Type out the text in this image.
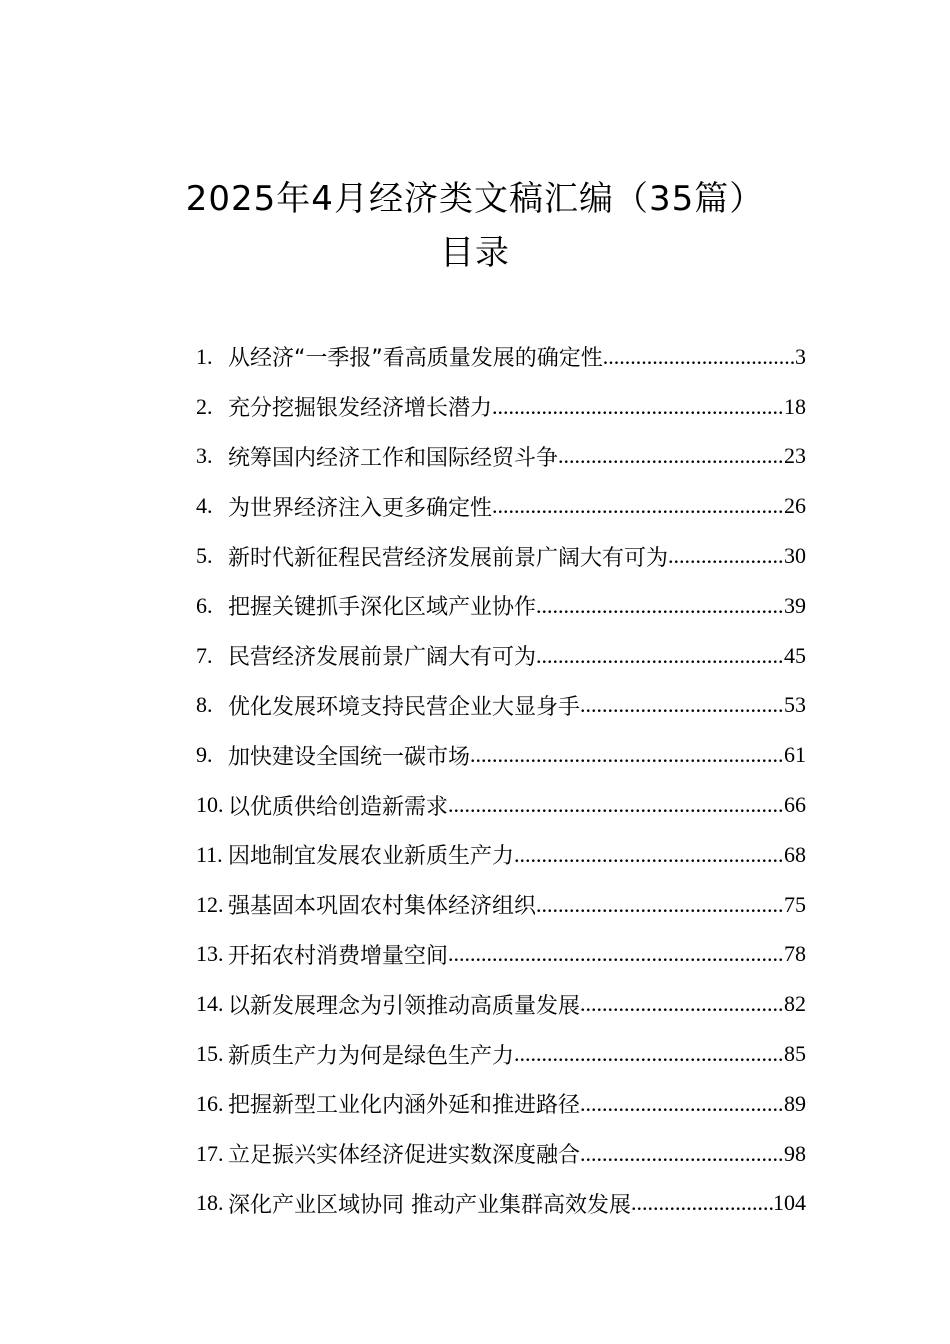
2025年4月经济类文稿汇编（35篇）
目录
1. 从经济“一季报”看高质量发展的确定性 .....	3
2. 充分挖掘银发经济增长潜力 .....	18
3. 统筹国内经济工作和国际经贸斗争 .....	23
4. 为世界经济注入更多确定性 .....	26
5. 新时代新征程民营经济发展前景广阔大有可为 .....	30
6. 把握关键抓手深化区域产业协作 .....	39
7. 民营经济发展前景广阔大有可为 .....	45
8. 优化发展环境支持民营企业大显身手 .....	53
9. 加快建设全国统一碳市场 .....	61
10. 以优质供给创造新需求 .....	66
11. 因地制宜发展农业新质生产力 .....	68
12. 强基固本巩固农村集体经济组织 .....	75
13. 开拓农村消费增量空间 .....	78
14. 以新发展理念为引领推动高质量发展 .....	82
15. 新质生产力为何是绿色生产力 .....	85
16. 把握新型工业化内涵外延和推进路径 .....	89
17. 立足振兴实体经济促进实数深度融合 .....	98
18. 深化产业区域协同 推动产业集群高效发展 .....	104
